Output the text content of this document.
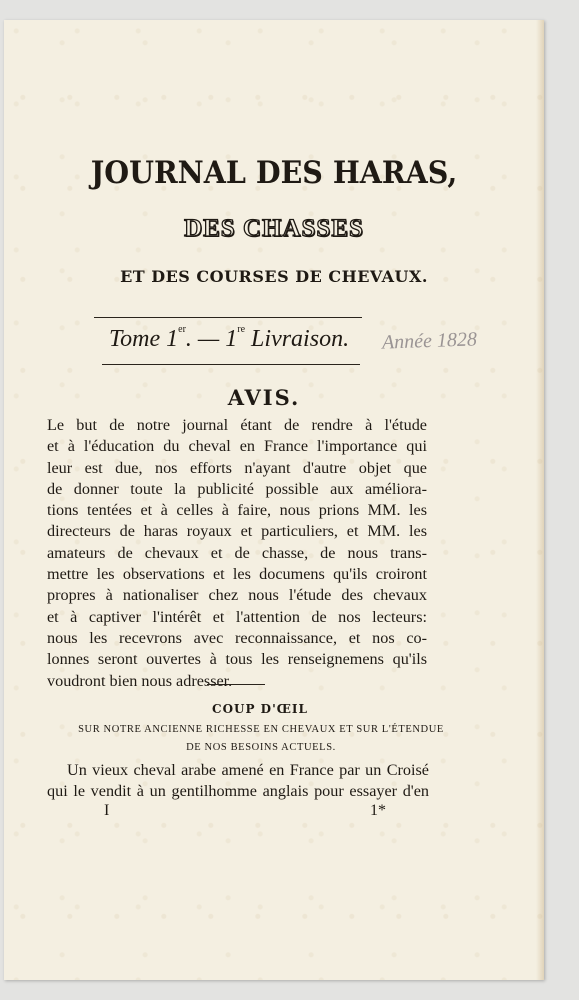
JOURNAL DES HARAS,
DES CHASSES
ET DES COURSES DE CHEVAUX.
Tome 1er. — 1re Livraison. Année 1828
AVIS.
Le but de notre journal étant de rendre à l'étude
et à l'éducation du cheval en France l'importance qui
leur est due, nos efforts n'ayant d'autre objet que
de donner toute la publicité possible aux améliora-
tions tentées et à celles à faire, nous prions MM. les
directeurs de haras royaux et particuliers, et MM. les
amateurs de chevaux et de chasse, de nous trans-
mettre les observations et les documens qu'ils croiront
propres à nationaliser chez nous l'étude des chevaux
et à captiver l'intérêt et l'attention de nos lecteurs:
nous les recevrons avec reconnaissance, et nos co-
lonnes seront ouvertes à tous les renseignemens qu'ils
voudront bien nous adresser.
COUP D'ŒIL
SUR NOTRE ANCIENNE RICHESSE EN CHEVAUX ET SUR L'ÉTENDUE
DE NOS BESOINS ACTUELS.
Un vieux cheval arabe amené en France par un Croisé
qui le vendit à un gentilhomme anglais pour essayer d'en
I	1*
